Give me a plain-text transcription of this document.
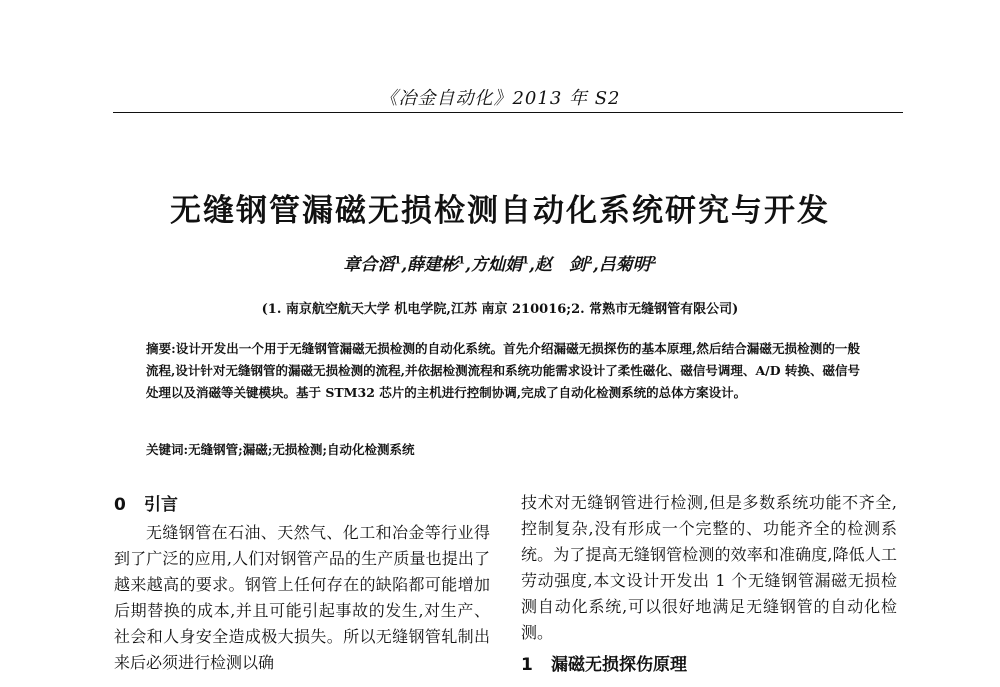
《冶金自动化》2013 年 S2
无缝钢管漏磁无损检测自动化系统研究与开发
章合滔$^1$,薛建彬$^1$,方灿娟$^1$,赵　剑$^2$,吕菊明$^2$
(1. 南京航空航天大学 机电学院,江苏 南京 210016;2. 常熟市无缝钢管有限公司)
摘要:设计开发出一个用于无缝钢管漏磁无损检测的自动化系统。首先介绍漏磁无损探伤的基本原理,然后结合漏磁无损检测的一般流程,设计针对无缝钢管的漏磁无损检测的流程,并依据检测流程和系统功能需求设计了柔性磁化、磁信号调理、A/D 转换、磁信号处理以及消磁等关键模块。基于 STM32 芯片的主机进行控制协调,完成了自动化检测系统的总体方案设计。
关键词:无缝钢管;漏磁;无损检测;自动化检测系统
0 引言

无缝钢管在石油、天然气、化工和冶金等行业得到了广泛的应用,人们对钢管产品的生产质量也提出了越来越高的要求。钢管上任何存在的缺陷都可能增加后期替换的成本,并且可能引起事故的发生,对生产、社会和人身安全造成极大损失。所以无缝钢管轧制出来后必须进行检测以确

技术对无缝钢管进行检测,但是多数系统功能不齐全,控制复杂,没有形成一个完整的、功能齐全的检测系统。为了提高无缝钢管检测的效率和准确度,降低人工劳动强度,本文设计开发出 1 个无缝钢管漏磁无损检测自动化系统,可以很好地满足无缝钢管的自动化检测。

1 漏磁无损探伤原理
